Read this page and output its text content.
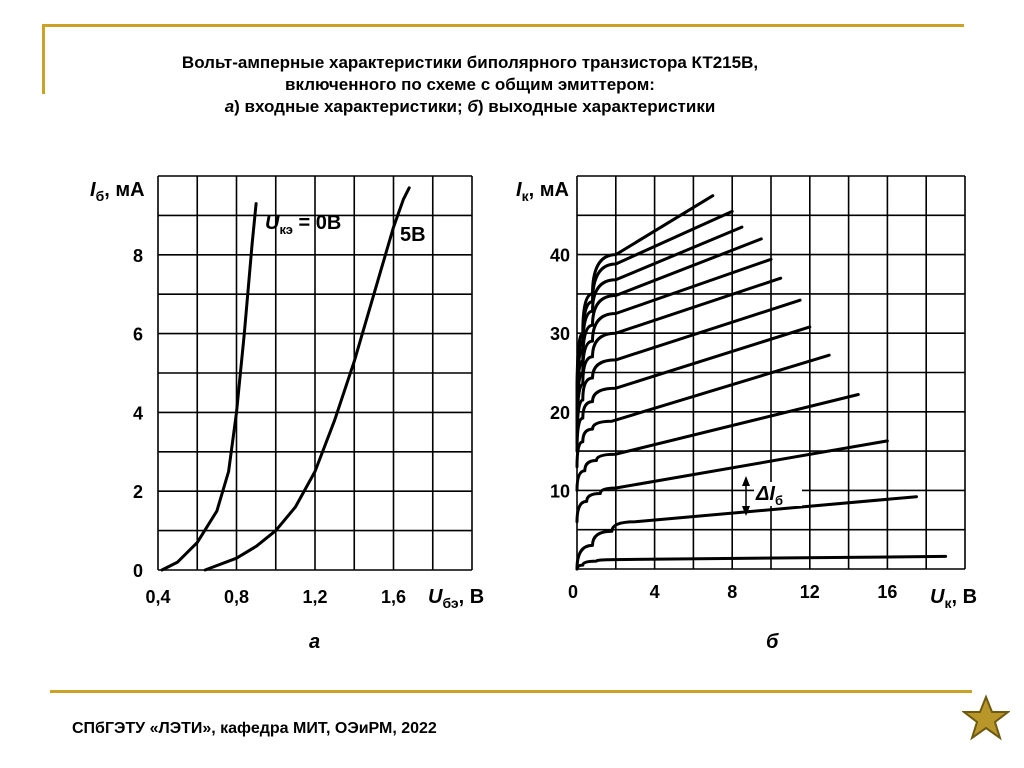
Вольт-амперные характеристики биполярного транзистора КТ215В,
включенного по схеме с общим эмиттером:
а) входные характеристики; б) выходные характеристики
0,4	0,8	1,2	1,6
0
2
4
6
8
$I_б$, мА
$U_{бэ}$, В
$U_{кэ} = 0В$
5В
а
0	4	8	12	16
10
20
30
40
$I_к$, мА
$U_к$, В
$\Delta I_б$
б
СПбГЭТУ «ЛЭТИ», кафедра МИТ, ОЭиРМ, 2022
